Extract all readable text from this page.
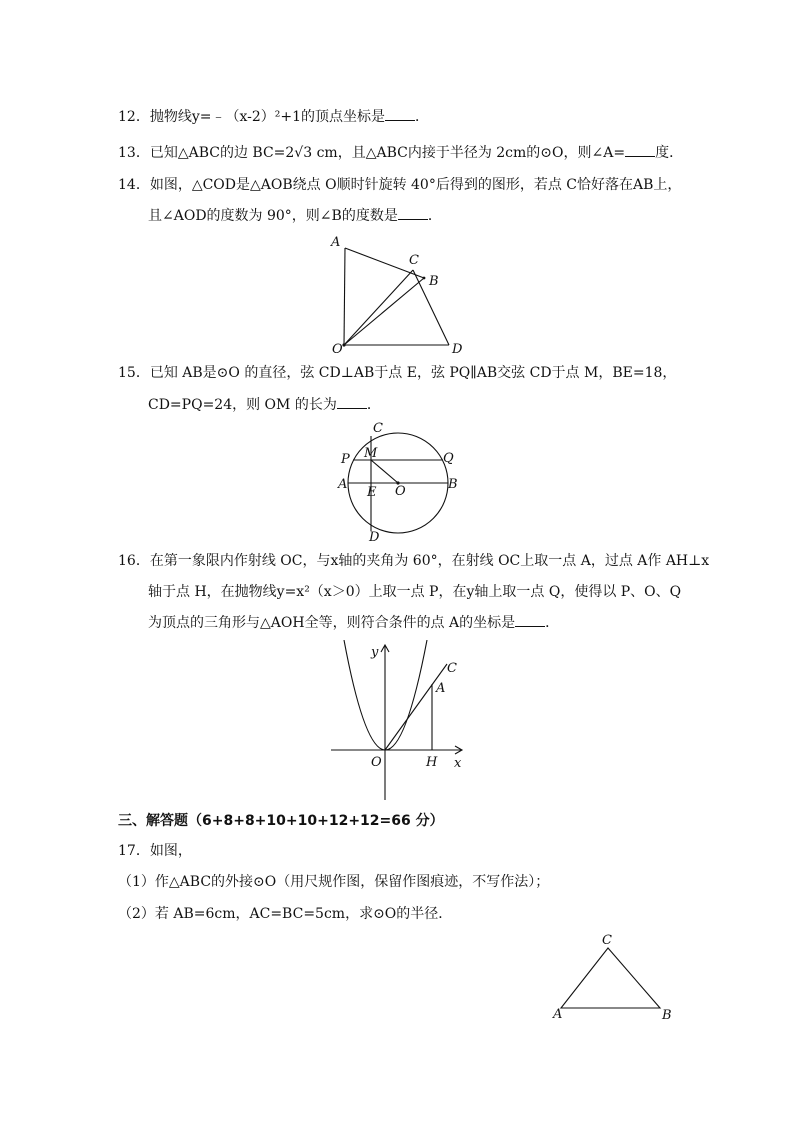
12．抛物线y=﹣（x-2）²+1的顶点坐标是 ．
13．已知△ABC的边 BC=2√3 cm，且△ABC内接于半径为 2cm的⊙O，则∠A= 度．
14．如图，△COD是△AOB绕点 O顺时针旋转 40°后得到的图形，若点 C恰好落在AB上，
且∠AOD的度数为 90°，则∠B的度数是 ．
A
C
B
O	D
15．已知 AB是⊙O 的直径，弦 CD⊥AB于点 E，弦 PQ∥AB交弦 CD于点 M，BE=18，
CD=PQ=24，则 OM 的长为 ．
C
P M	Q
A
E O	B
D
16．在第一象限内作射线 OC，与x轴的夹角为 60°，在射线 OC上取一点 A，过点 A作 AH⊥x
轴于点 H，在抛物线y=x²（x＞0）上取一点 P，在y轴上取一点 Q，使得以 P、O、Q
为顶点的三角形与△AOH全等，则符合条件的点 A的坐标是 ．
y
C
A
O	H x
三、解答题（6+8+8+10+10+12+12=66 分）
17．如图，
（1）作△ABC的外接⊙O（用尺规作图，保留作图痕迹，不写作法）；
（2）若 AB=6cm，AC=BC=5cm，求⊙O的半径．
C
A	B
